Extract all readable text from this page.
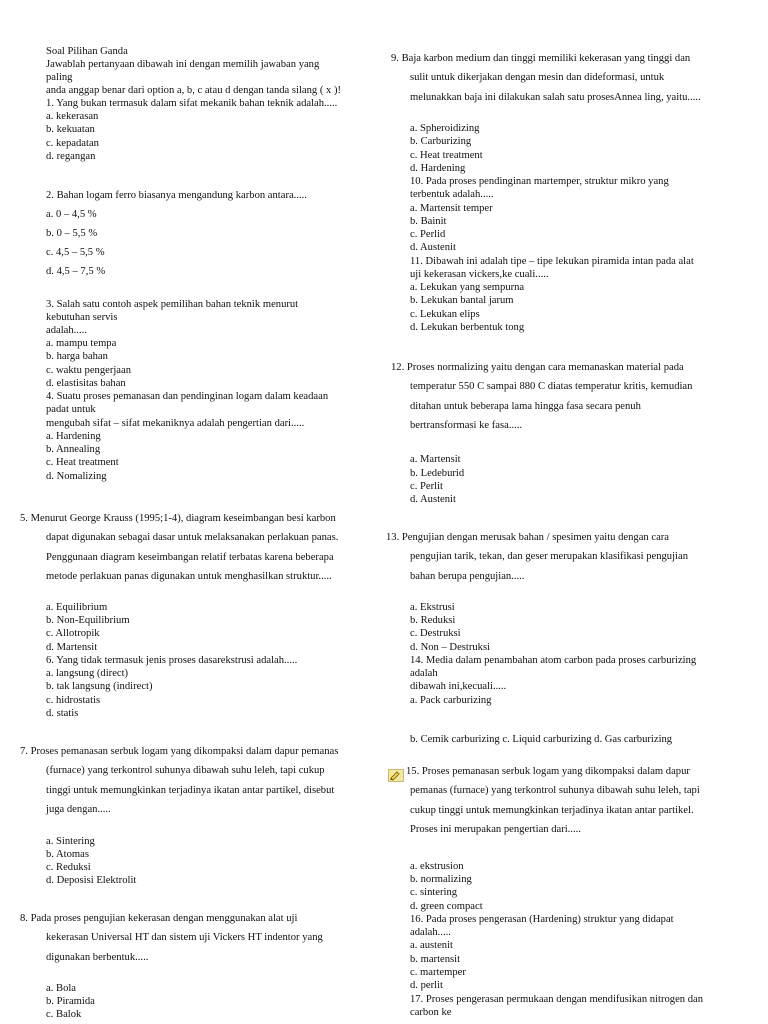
Soal Pilihan Ganda
Jawablah pertanyaan dibawah ini dengan memilih jawaban yang
paling
anda anggap benar dari option a, b, c atau d dengan tanda silang ( x )!
1. Yang bukan termasuk dalam sifat mekanik bahan teknik adalah.....
a. kekerasan
b. kekuatan
c. kepadatan
d. regangan
2. Bahan logam ferro biasanya mengandung karbon antara.....
a. 0 – 4,5 %
b. 0 – 5,5 %
c. 4,5 – 5,5 %
d. 4,5 – 7,5 %
3. Salah satu contoh aspek pemilihan bahan teknik menurut
kebutuhan servis
adalah.....
a. mampu tempa
b. harga bahan
c. waktu pengerjaan
d. elastisitas bahan
4. Suatu proses pemanasan dan pendinginan logam dalam keadaan
padat untuk
mengubah sifat – sifat mekaniknya adalah pengertian dari.....
a. Hardening
b. Annealing
c. Heat treatment
d. Nomalizing
5. Menurut George Krauss (1995;1-4), diagram keseimbangan besi karbon
dapat digunakan sebagai dasar untuk melaksanakan perlakuan panas.
Penggunaan diagram keseimbangan relatif terbatas karena beberapa
metode perlakuan panas digunakan untuk menghasilkan struktur.....
a. Equilibrium
b. Non-Equilibrium
c. Allotropik
d. Martensit
6. Yang tidak termasuk jenis proses dasarekstrusi adalah.....
a. langsung (direct)
b. tak langsung (indirect)
c. hidrostatis
d. statis
7. Proses pemanasan serbuk logam yang dikompaksi dalam dapur pemanas
(furnace) yang terkontrol suhunya dibawah suhu leleh, tapi cukup
tinggi untuk memungkinkan terjadinya ikatan antar partikel, disebut
juga dengan.....
a. Sintering
b. Atomas
c. Reduksi
d. Deposisi Elektrolit
8. Pada proses pengujian kekerasan dengan menggunakan alat uji
kekerasan Universal HT dan sistem uji Vickers HT indentor yang
digunakan berbentuk.....
a. Bola
b. Piramida
c. Balok
9. Baja karbon medium dan tinggi memiliki kekerasan yang tinggi dan
sulit untuk dikerjakan dengan mesin dan dideformasi, untuk
melunakkan baja ini dilakukan salah satu prosesAnnea ling, yaitu.....
a. Spheroidizing
b. Carburizing
c. Heat treatment
d. Hardening
10. Pada proses pendinginan martemper, struktur mikro yang
terbentuk adalah.....
a. Martensit temper
b. Bainit
c. Perlid
d. Austenit
11. Dibawah ini adalah tipe – tipe lekukan piramida intan pada alat
uji kekerasan vickers,ke cuali.....
a. Lekukan yang sempurna
b. Lekukan bantal jarum
c. Lekukan elips
d. Lekukan berbentuk tong
12. Proses normalizing yaitu dengan cara memanaskan material pada
temperatur 550 C sampai 880 C diatas temperatur kritis, kemudian
ditahan untuk beberapa lama hingga fasa secara penuh
bertransformasi ke fasa.....
a. Martensit
b. Ledeburid
c. Perlit
d. Austenit
13. Pengujian dengan merusak bahan / spesimen yaitu dengan cara
pengujian tarik, tekan, dan geser merupakan klasifikasi pengujian
bahan berupa pengujian.....
a. Ekstrusi
b. Reduksi
c. Destruksi
d. Non – Destruksi
14. Media dalam penambahan atom carbon pada proses carburizing
adalah
dibawah ini,kecuali.....
a. Pack carburizing
b. Cemik carburizing c. Liquid carburizing d. Gas carburizing
15. Proses pemanasan serbuk logam yang dikompaksi dalam dapur
pemanas (furnace) yang terkontrol suhunya dibawah suhu leleh, tapi
cukup tinggi untuk memungkinkan terjadinya ikatan antar partikel.
Proses ini merupakan pengertian dari.....
a. ekstrusion
b. normalizing
c. sintering
d. green compact
16. Pada proses pengerasan (Hardening) struktur yang didapat
adalah.....
a. austenit
b. martensit
c. martemper
d. perlit
17. Proses pengerasan permukaan dengan mendifusikan nitrogen dan
carbon ke
